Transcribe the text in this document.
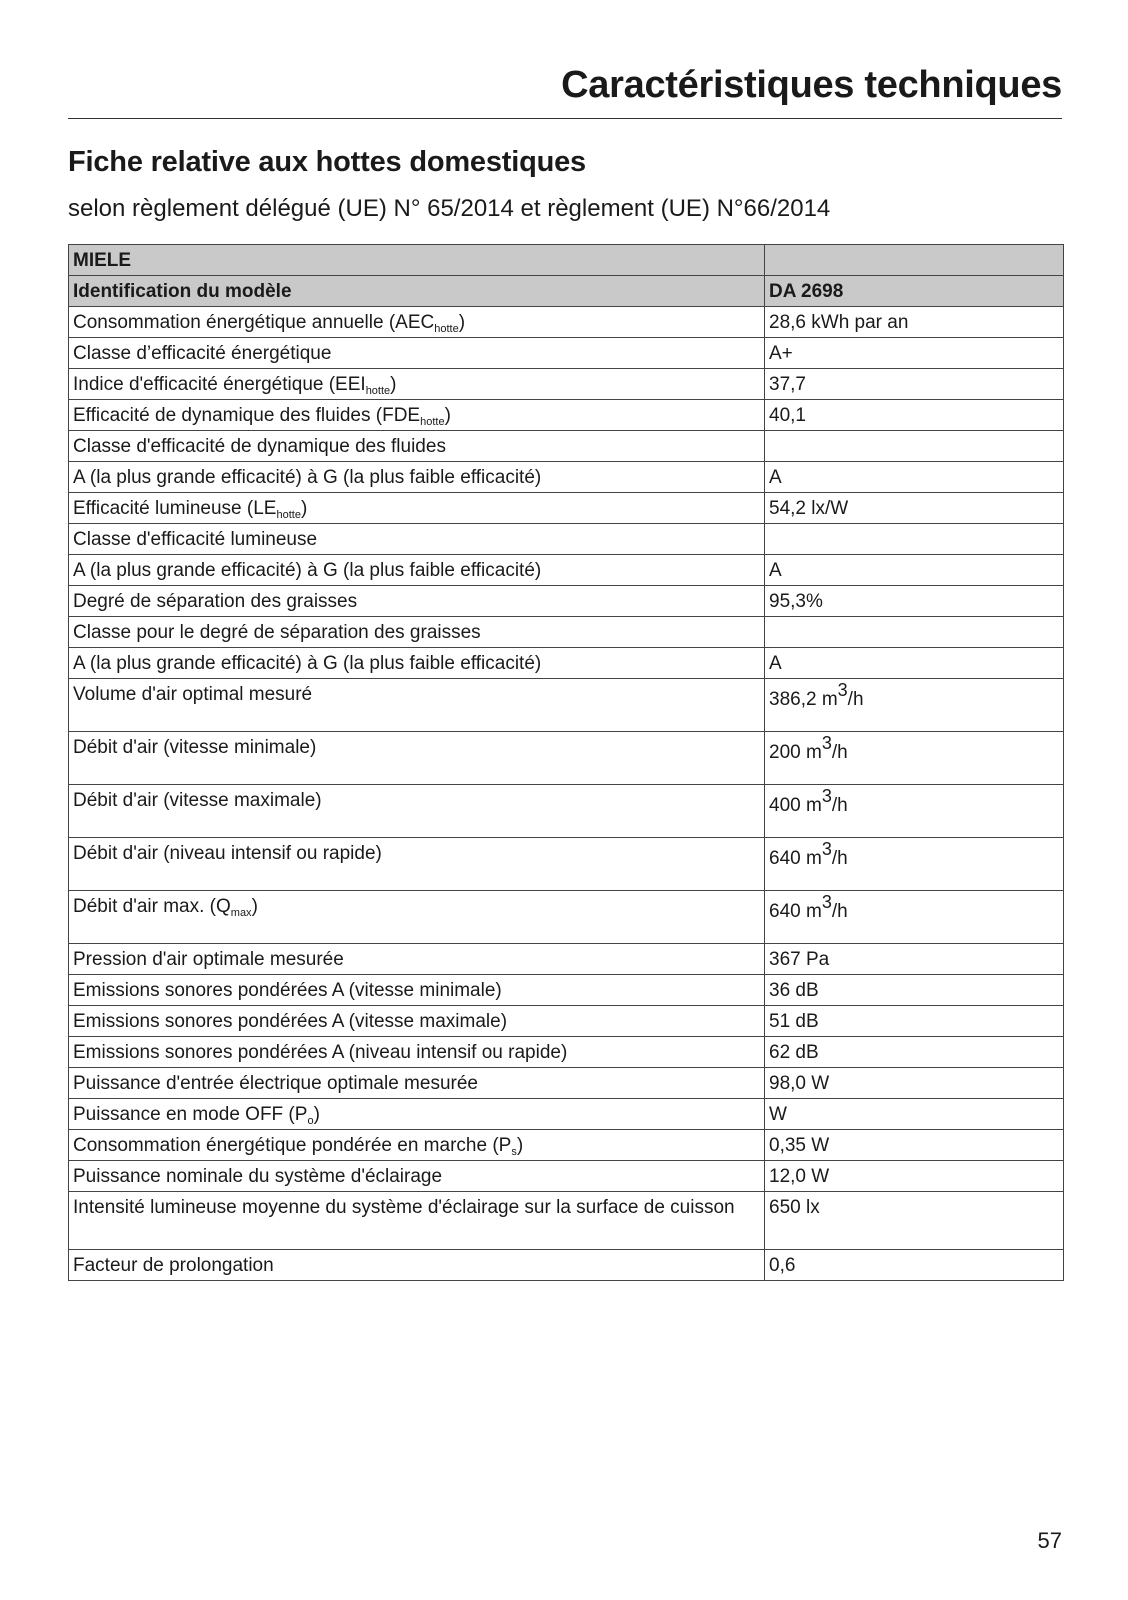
Caractéristiques techniques
Fiche relative aux hottes domestiques

selon règlement délégué (UE) N° 65/2014 et règlement (UE) N°66/2014

MIELE	
Identification du modèle	DA 2698
Consommation énergétique annuelle $(AEC_{hotte})$	28,6 kWh par an
Classe d’efficacité énergétique	A+
Indice d'efficacité énergétique $(EEI_{hotte})$	37,7
Efficacité de dynamique des fluides $(FDE_{hotte})$	40,1
Classe d'efficacité de dynamique des fluides	
A (la plus grande efficacité) à G (la plus faible efficacité)	A
Efficacité lumineuse $(LE_{hotte})$	54,2 lx/W
Classe d'efficacité lumineuse	
A (la plus grande efficacité) à G (la plus faible efficacité)	A
Degré de séparation des graisses	95,3%
Classe pour le degré de séparation des graisses	
A (la plus grande efficacité) à G (la plus faible efficacité)	A
Volume d'air optimal mesuré	386,2 $m^3/h$
Débit d'air (vitesse minimale)	200 $m^3/h$
Débit d'air (vitesse maximale)	400 $m^3/h$
Débit d'air (niveau intensif ou rapide)	640 $m^3/h$
Débit d'air max. $(Q_{max})$	640 $m^3/h$
Pression d'air optimale mesurée	367 Pa
Emissions sonores pondérées A (vitesse minimale)	36 dB
Emissions sonores pondérées A (vitesse maximale)	51 dB
Emissions sonores pondérées A (niveau intensif ou rapide)	62 dB
Puissance d'entrée électrique optimale mesurée	98,0 W
Puissance en mode OFF $(P_o)$	W
Consommation énergétique pondérée en marche $(P_s)$	0,35 W
Puissance nominale du système d'éclairage	12,0 W
Intensité lumineuse moyenne du système d'éclairage sur la surface de cuisson	650 lx
Facteur de prolongation	0,6
57
